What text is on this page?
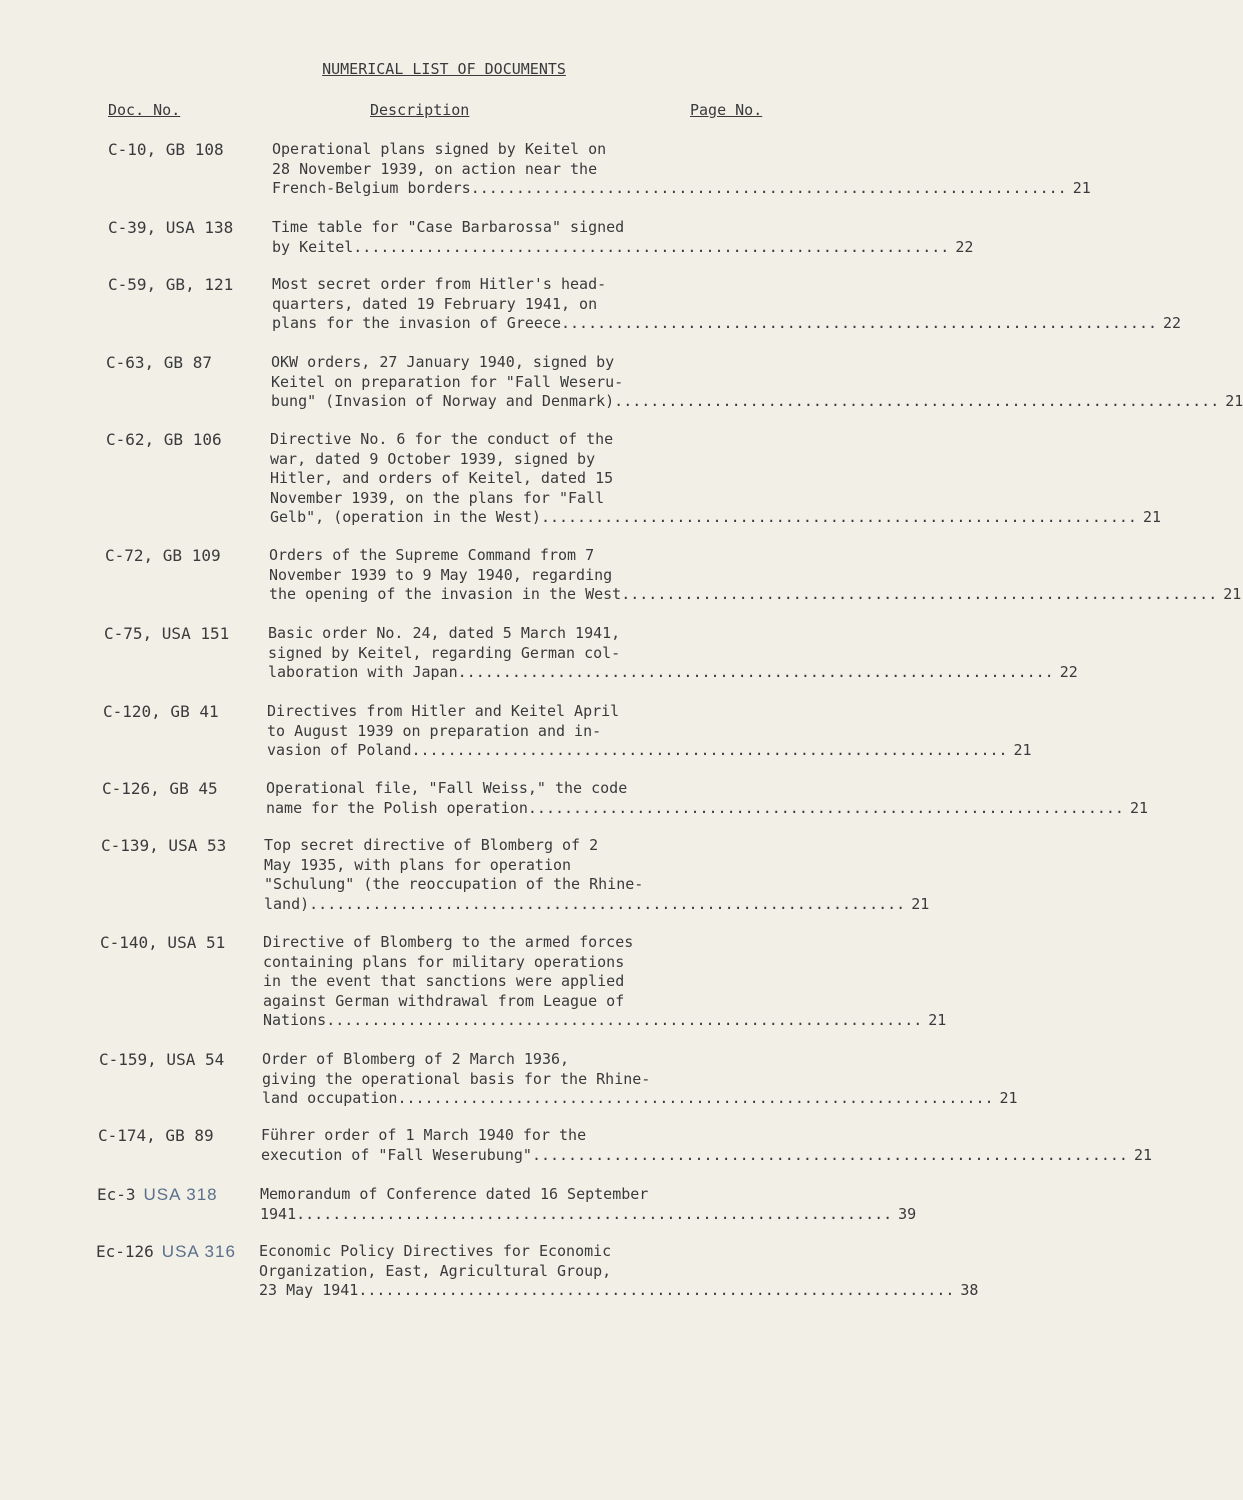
NUMERICAL LIST OF DOCUMENTS
Doc. No.	Description	Page No.
C-10, GB 108	Operational plans signed by Keitel on
28 November 1939, on action near the
French-Belgium borders .................................................................. 21
C-39, USA 138	Time table for "Case Barbarossa" signed
by Keitel .................................................................. 22
C-59, GB, 121	Most secret order from Hitler's head-
quarters, dated 19 February 1941, on
plans for the invasion of Greece .................................................................. 22
C-63, GB 87	OKW orders, 27 January 1940, signed by
Keitel on preparation for "Fall Weseru-
bung" (Invasion of Norway and Denmark). .................................................................. 21
C-62, GB 106	Directive No. 6 for the conduct of the
war, dated 9 October 1939, signed by
Hitler, and orders of Keitel, dated 15
November 1939, on the plans for "Fall
Gelb", (operation in the West) .................................................................. 21
C-72, GB 109	Orders of the Supreme Command from 7
November 1939 to 9 May 1940, regarding
the opening of the invasion in the West .................................................................. 21
C-75, USA 151	Basic order No. 24, dated 5 March 1941,
signed by Keitel, regarding German col-
laboration with Japan .................................................................. 22
C-120, GB 41	Directives from Hitler and Keitel April
to August 1939 on preparation and in-
vasion of Poland .................................................................. 21
C-126, GB 45	Operational file, "Fall Weiss," the code
name for the Polish operation .................................................................. 21
C-139, USA 53	Top secret directive of Blomberg of 2
May 1935, with plans for operation
"Schulung" (the reoccupation of the Rhine-
land) .................................................................. 21
C-140, USA 51	Directive of Blomberg to the armed forces
containing plans for military operations
in the event that sanctions were applied
against German withdrawal from League of
Nations .................................................................. 21
C-159, USA 54	Order of Blomberg of 2 March 1936,
giving the operational basis for the Rhine-
land occupation .................................................................. 21
C-174, GB 89	Führer order of 1 March 1940 for the
execution of "Fall Weserubung" .................................................................. 21
Ec-3 USA 318	Memorandum of Conference dated 16 September
1941 .................................................................. 39
Ec-126 USA 316 Economic Policy Directives for Economic
Organization, East, Agricultural Group,
23 May 1941 .................................................................. 38
